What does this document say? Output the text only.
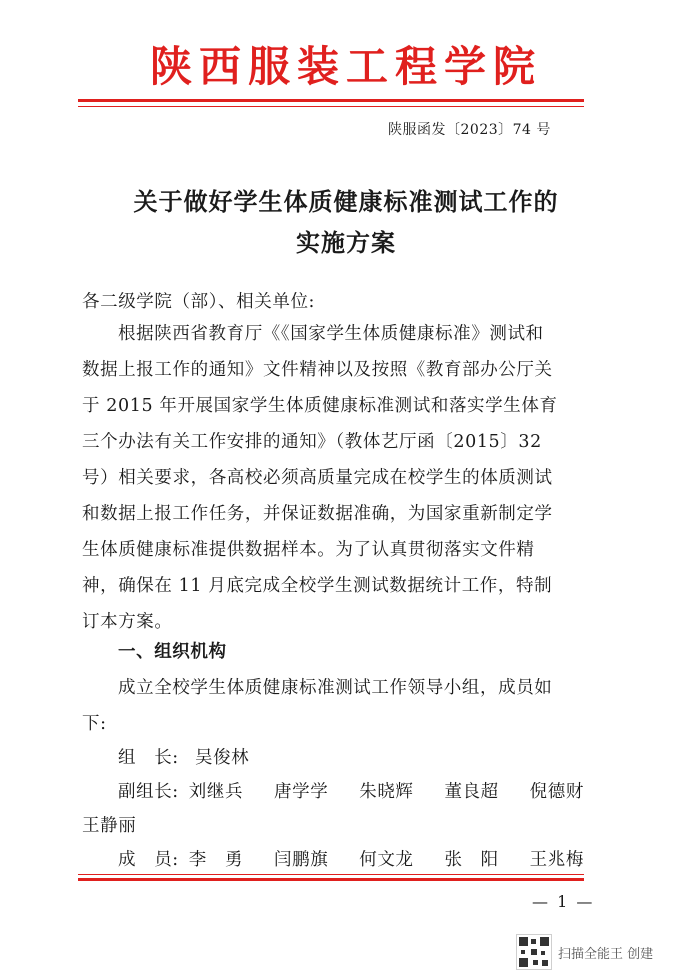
陕西服装工程学院
陕服函发〔2023〕74 号
关于做好学生体质健康标准测试工作的
实施方案
各二级学院（部）、相关单位:
根据陕西省教育厅《《国家学生体质健康标准》测试和
数据上报工作的通知》文件精神以及按照《教育部办公厅关
于 2015 年开展国家学生体质健康标准测试和落实学生体育
三个办法有关工作安排的通知》（教体艺厅函〔2015〕32
号）相关要求，各高校必须高质量完成在校学生的体质测试
和数据上报工作任务，并保证数据准确，为国家重新制定学
生体质健康标准提供数据样本。为了认真贯彻落实文件精
神，确保在 11 月底完成全校学生测试数据统计工作，特制
订本方案。
一、组织机构
成立全校学生体质健康标准测试工作领导小组，成员如
下:
组　长: 吴俊林
副组长: 刘继兵 唐学学 朱晓辉 董良超 倪德财
王静丽
成　员: 李　勇 闫鹏旗 何文龙 张　阳 王兆梅
— 1 —
扫描全能王 创建
